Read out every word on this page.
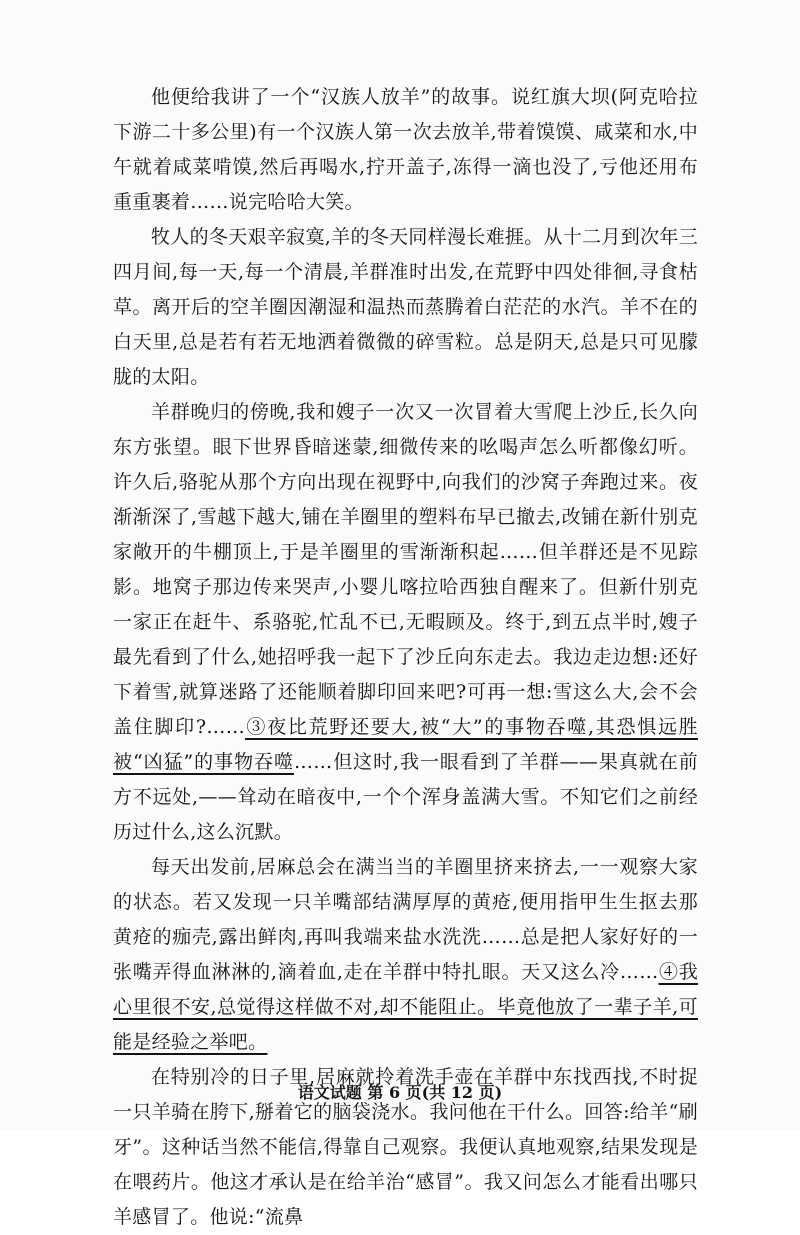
他便给我讲了一个“汉族人放羊”的故事。说红旗大坝(阿克哈拉下游二十多公里)有一个汉族人第一次去放羊,带着馍馍、咸菜和水,中午就着咸菜啃馍,然后再喝水,拧开盖子,冻得一滴也没了,亏他还用布重重裹着……说完哈哈大笑。

牧人的冬天艰辛寂寞,羊的冬天同样漫长难捱。从十二月到次年三四月间,每一天,每一个清晨,羊群准时出发,在荒野中四处徘徊,寻食枯草。离开后的空羊圈因潮湿和温热而蒸腾着白茫茫的水汽。羊不在的白天里,总是若有若无地洒着微微的碎雪粒。总是阴天,总是只可见朦胧的太阳。

羊群晚归的傍晚,我和嫂子一次又一次冒着大雪爬上沙丘,长久向东方张望。眼下世界昏暗迷蒙,细微传来的吆喝声怎么听都像幻听。许久后,骆驼从那个方向出现在视野中,向我们的沙窝子奔跑过来。夜渐渐深了,雪越下越大,铺在羊圈里的塑料布早已撤去,改铺在新什别克家敞开的牛棚顶上,于是羊圈里的雪渐渐积起……但羊群还是不见踪影。地窝子那边传来哭声,小婴儿喀拉哈西独自醒来了。但新什别克一家正在赶牛、系骆驼,忙乱不已,无暇顾及。终于,到五点半时,嫂子最先看到了什么,她招呼我一起下了沙丘向东走去。我边走边想:还好下着雪,就算迷路了还能顺着脚印回来吧?可再一想:雪这么大,会不会盖住脚印?……③夜比荒野还要大,被“大”的事物吞噬,其恐惧远胜被“凶猛”的事物吞噬……但这时,我一眼看到了羊群——果真就在前方不远处,——耸动在暗夜中,一个个浑身盖满大雪。不知它们之前经历过什么,这么沉默。

每天出发前,居麻总会在满当当的羊圈里挤来挤去,一一观察大家的状态。若又发现一只羊嘴部结满厚厚的黄疮,便用指甲生生抠去那黄疮的痂壳,露出鲜肉,再叫我端来盐水洗洗……总是把人家好好的一张嘴弄得血淋淋的,滴着血,走在羊群中特扎眼。天又这么冷……④我心里很不安,总觉得这样做不对,却不能阻止。毕竟他放了一辈子羊,可能是经验之举吧。

在特别冷的日子里,居麻就拎着洗手壶在羊群中东找西找,不时捉一只羊骑在胯下,掰着它的脑袋浇水。我问他在干什么。回答:给羊“刷牙”。这种话当然不能信,得靠自己观察。我便认真地观察,结果发现是在喂药片。他这才承认是在给羊治“感冒”。我又问怎么才能看出哪只羊感冒了。他说:“流鼻

语文试题 第 6 页(共 12 页)
